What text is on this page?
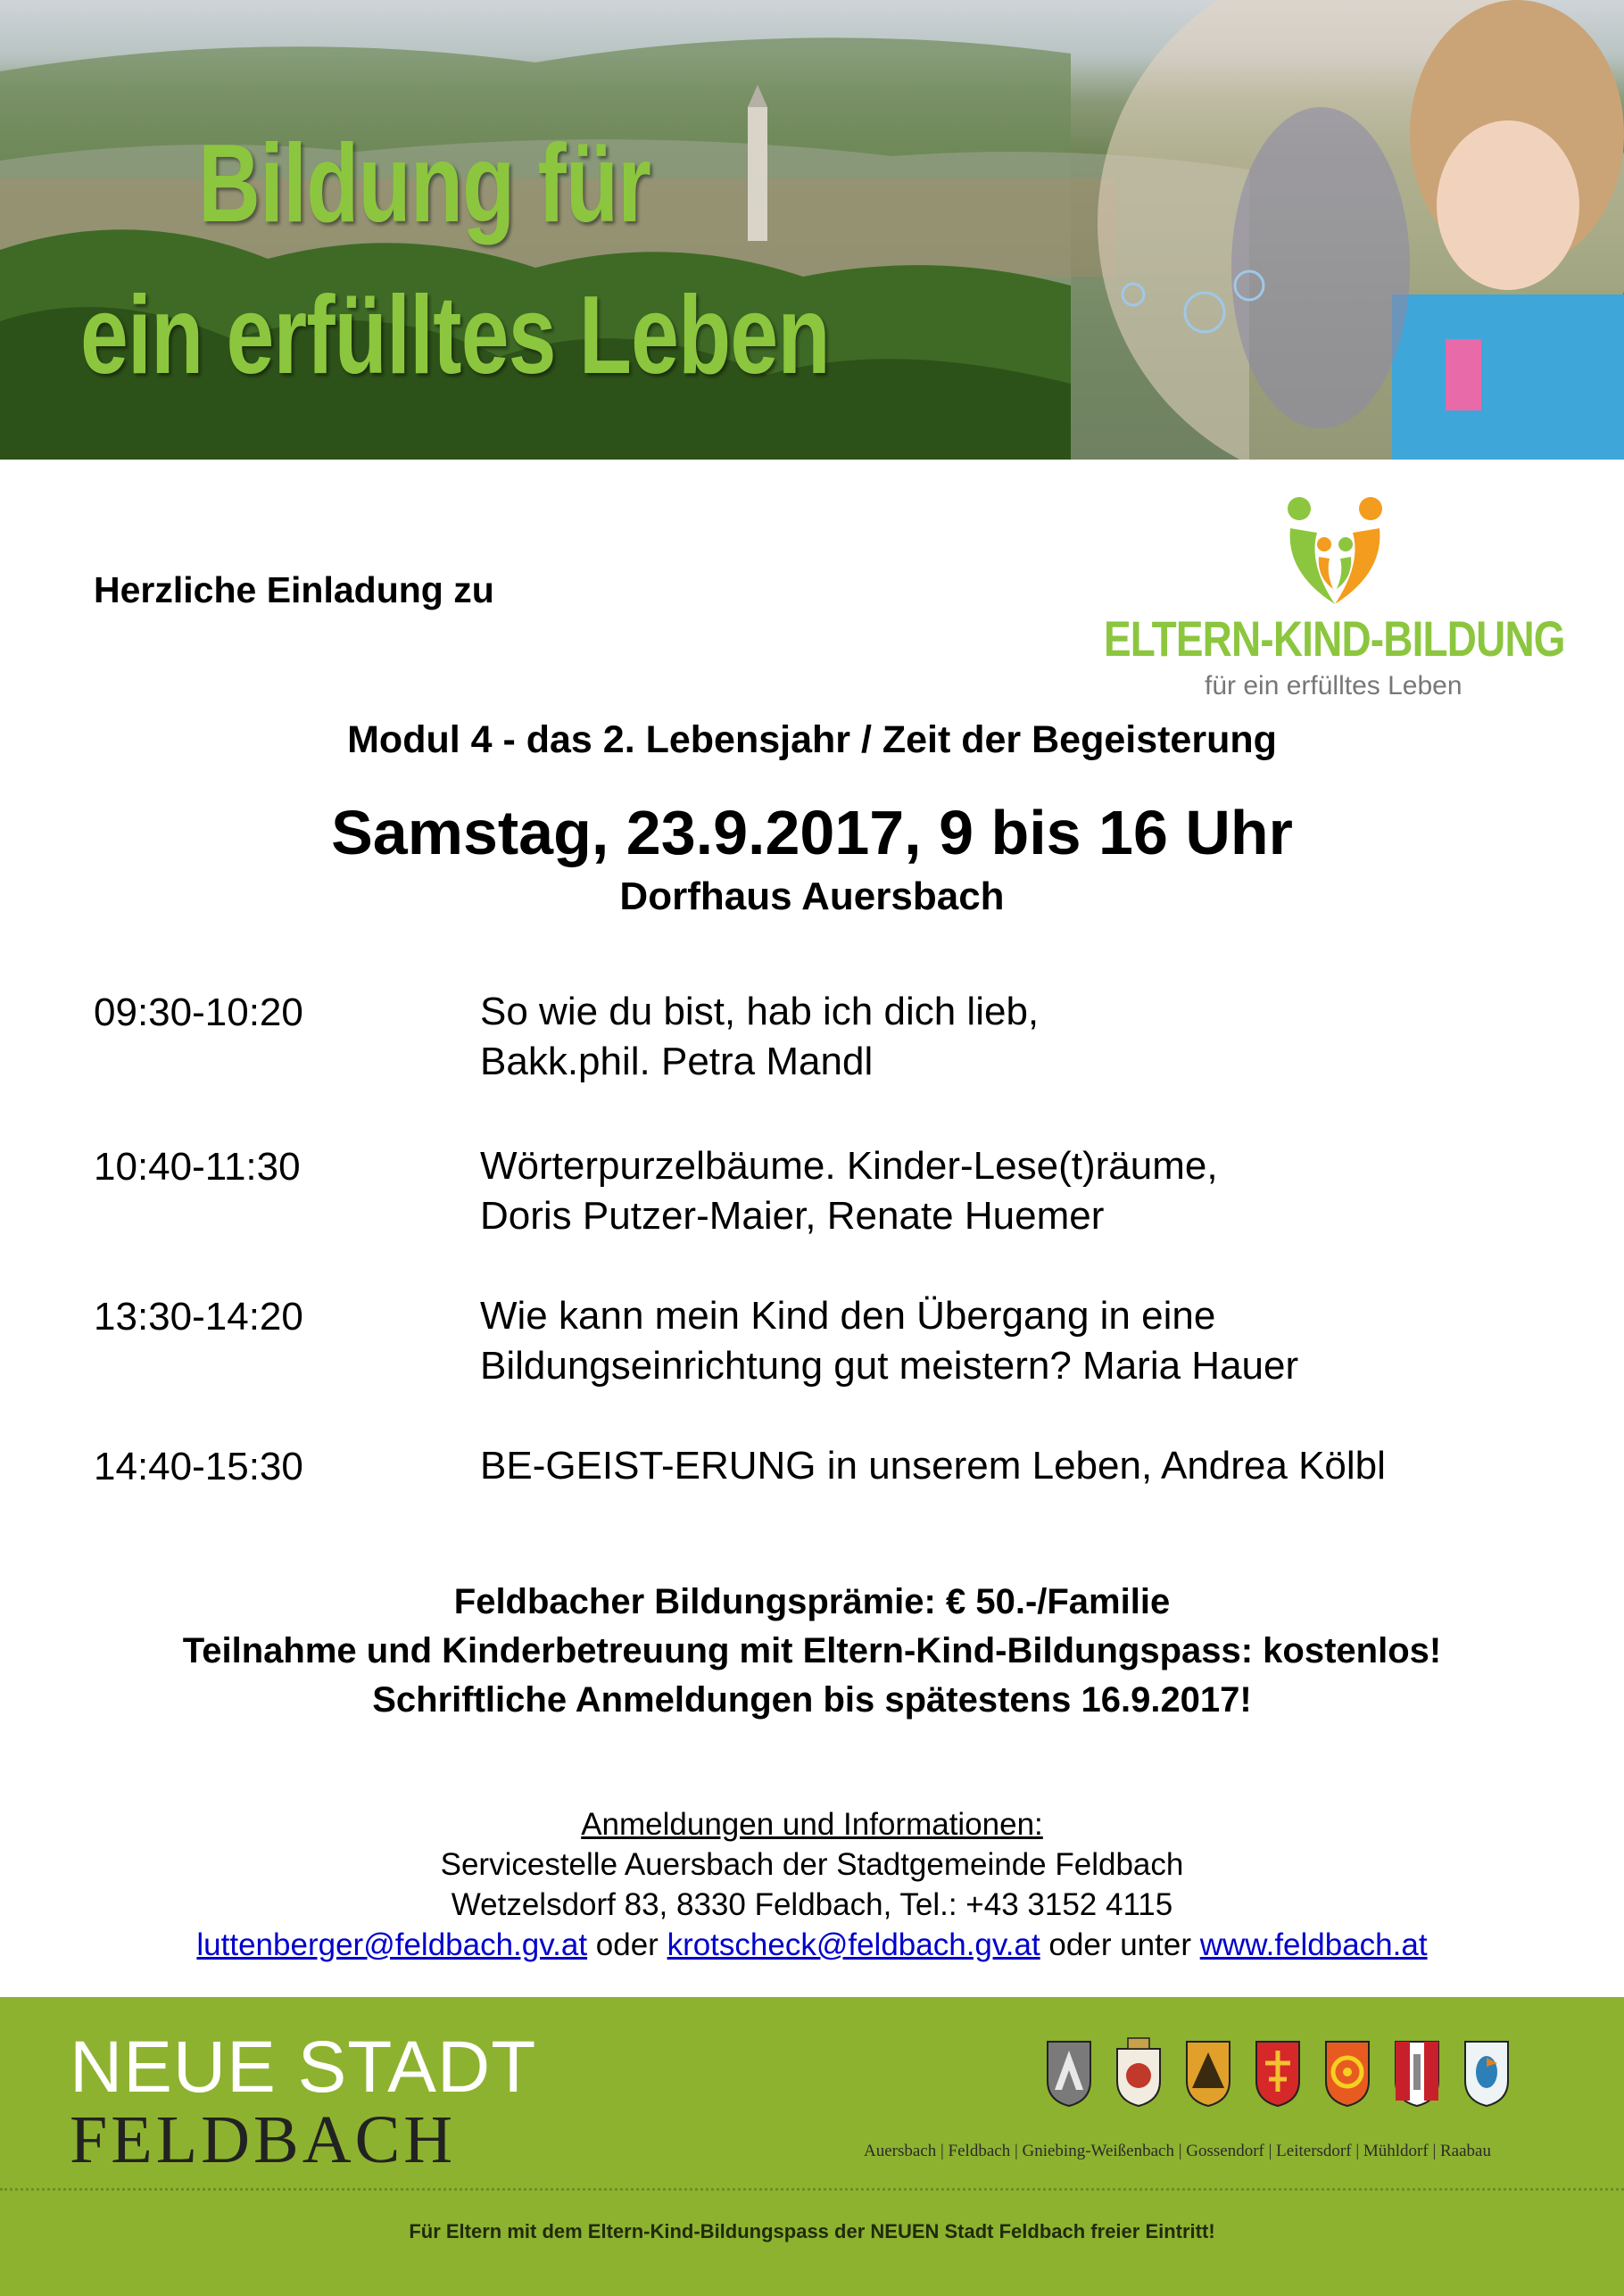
Bildung für
ein erfülltes Leben
Herzliche Einladung zu
ELTERN-KIND-BILDUNG
für ein erfülltes Leben
Modul 4 - das 2. Lebensjahr / Zeit der Begeisterung
Samstag, 23.9.2017, 9 bis 16 Uhr
Dorfhaus Auersbach
09:30-10:20	So wie du bist, hab ich dich lieb,
Bakk.phil. Petra Mandl
10:40-11:30	Wörterpurzelbäume. Kinder-Lese(t)räume,
Doris Putzer-Maier, Renate Huemer
13:30-14:20	Wie kann mein Kind den Übergang in eine
Bildungseinrichtung gut meistern? Maria Hauer
14:40-15:30	BE-GEIST-ERUNG in unserem Leben, Andrea Kölbl
Feldbacher Bildungsprämie: € 50.-/Familie
Teilnahme und Kinderbetreuung mit Eltern-Kind-Bildungspass: kostenlos!
Schriftliche Anmeldungen bis spätestens 16.9.2017!
Anmeldungen und Informationen:
Servicestelle Auersbach der Stadtgemeinde Feldbach
Wetzelsdorf 83, 8330 Feldbach, Tel.: +43 3152 4115
luttenberger@feldbach.gv.at oder krotscheck@feldbach.gv.at oder unter www.feldbach.at
NEUE STADT
FELDBACH	Auersbach | Feldbach | Gniebing-Weißenbach | Gossendorf | Leitersdorf | Mühldorf | Raabau
Für Eltern mit dem Eltern-Kind-Bildungspass der NEUEN Stadt Feldbach freier Eintritt!
